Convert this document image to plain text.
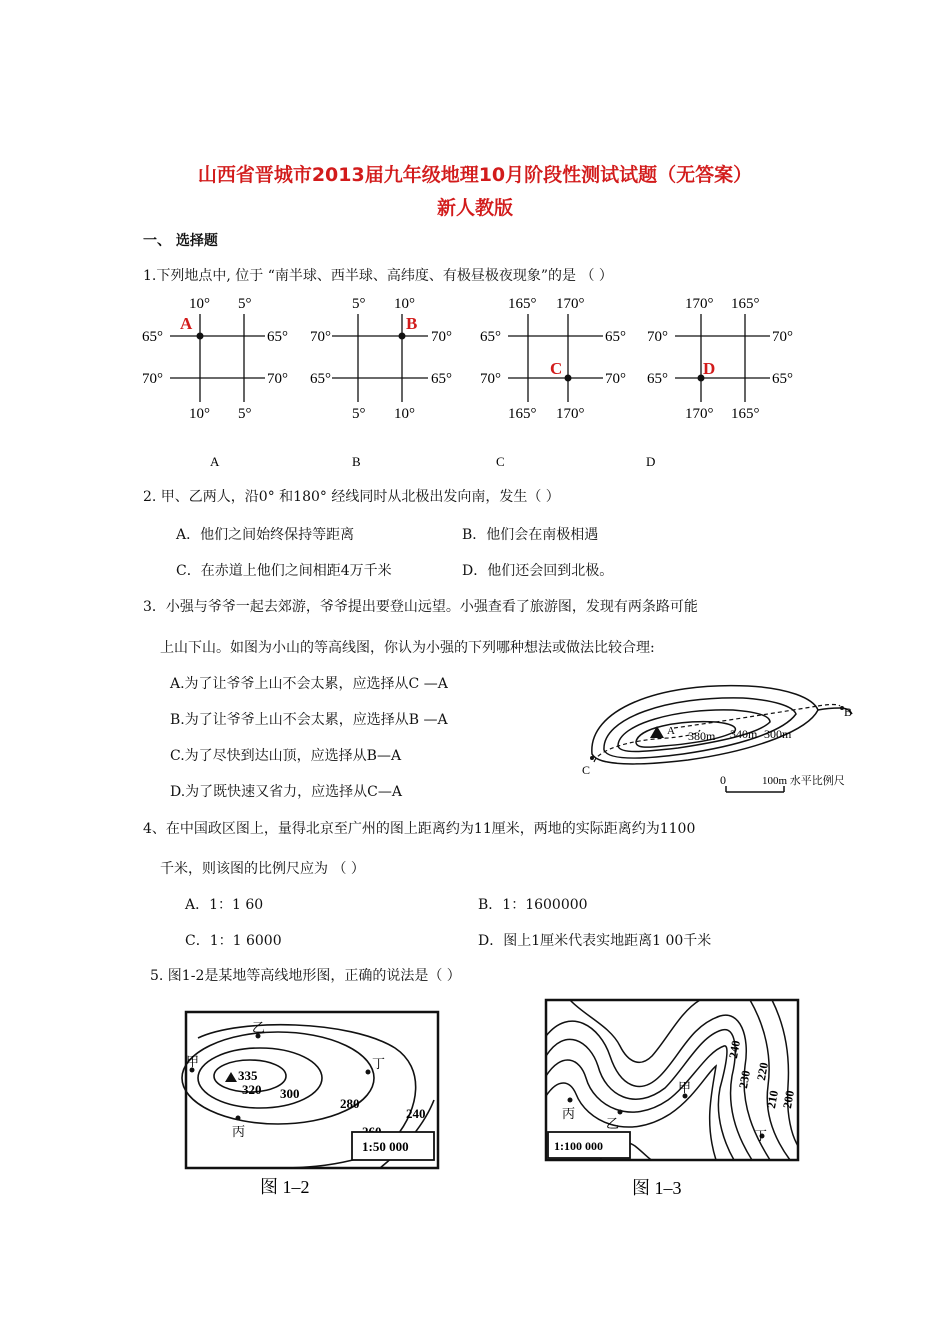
山西省晋城市2013届九年级地理10月阶段性测试试题（无答案）
新人教版
一、 选择题
1.下列地点中, 位于 “南半球、西半球、高纬度、有极昼极夜现象”的是 （ ）
10° 5°
10° 5°
65°
70°
65°
70°
A
5° 10°
5° 10°
70°
65°
70°
65°
B
165° 170°
165° 170°
65°
70°
65°
70°
C
170° 165°
170° 165°
70°
65°
70°
65°
D
A	B	C	D
2. 甲、乙两人，沿0° 和180° 经线同时从北极出发向南，发生（ ）
A．他们之间始终保持等距离	B．他们会在南极相遇
C．在赤道上他们之间相距4万千米	D．他们还会回到北极。
3．小强与爷爷一起去郊游，爷爷提出要登山远望。小强查看了旅游图，发现有两条路可能
上山下山。如图为小山的等高线图，你认为小强的下列哪种想法或做法比较合理:
A.为了让爷爷上山不会太累，应选择从C —A
B.为了让爷爷上山不会太累，应选择从B —A
C.为了尽快到达山顶，应选择从B—A
D.为了既快速又省力，应选择从C—A
A 380m 340m 300m
B
C
0	100m 水平比例尺
4、在中国政区图上，量得北京至广州的图上距离约为11厘米，两地的实际距离约为1100
千米，则该图的比例尺应为 （ ）
A．1：1 60	B．1：1600000
C．1：1 6000	D．图上1厘米代表实地距离1 00千米
5. 图1-2是某地等高线地形图，正确的说法是（ ）
335
320 300
280
240
乙
甲	丁
丙
1:50 000
图 1–2
240
230 220
210 200
丙
乙
甲
丁
1:100 000
图 1–3
